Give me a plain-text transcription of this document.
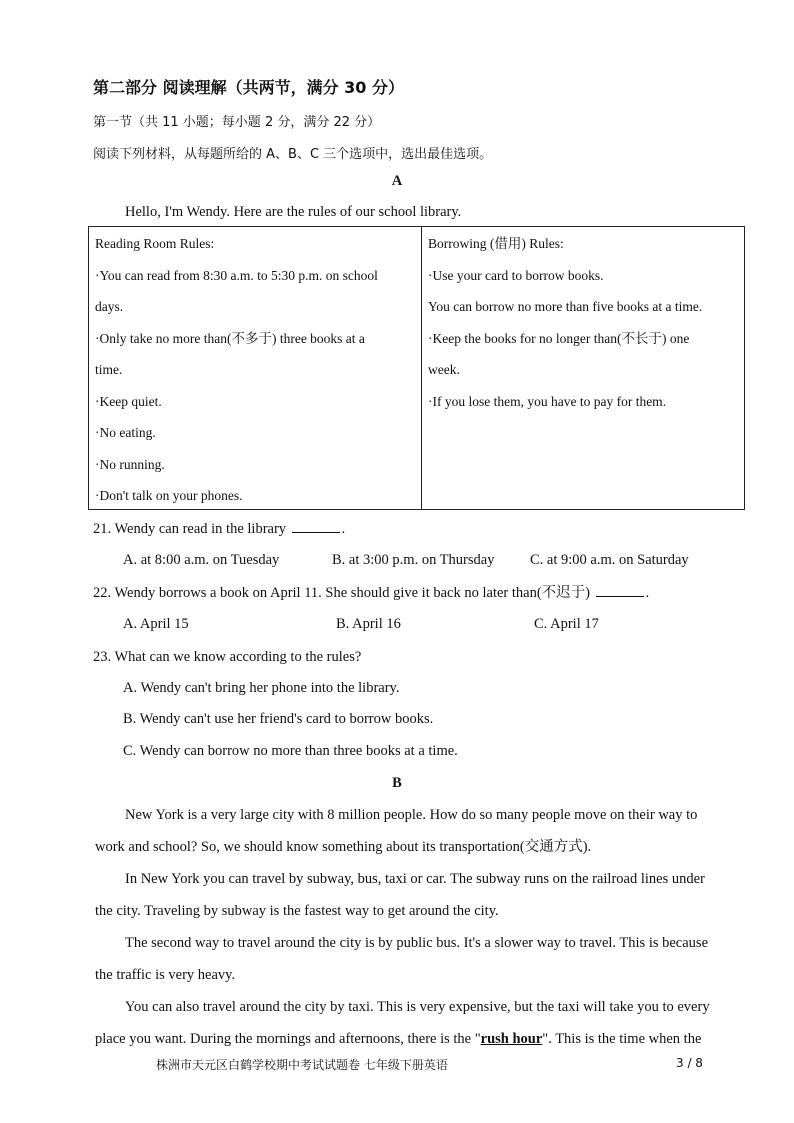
第二部分 阅读理解（共两节，满分 30 分）
第一节（共 11 小题；每小题 2 分，满分 22 分）
阅读下列材料，从每题所给的 A、B、C 三个选项中，选出最佳选项。
A
Hello, I'm Wendy. Here are the rules of our school library.
Reading Room Rules:
·You can read from 8:30 a.m. to 5:30 p.m. on school
days.
·Only take no more than(不多于) three books at a
time.
·Keep quiet.
·No eating.
·No running.
·Don't talk on your phones.
Borrowing (借用) Rules:
·Use your card to borrow books.
You can borrow no more than five books at a time.
·Keep the books for no longer than(不长于) one
week.
·If you lose them, you have to pay for them.
21. Wendy can read in the library	.
A. at 8:00 a.m. on Tuesday	B. at 3:00 p.m. on Thursday C. at 9:00 a.m. on Saturday
22. Wendy borrows a book on April 11. She should give it back no later than(不迟于)	.
A. April 15	B. April 16	C. April 17
23. What can we know according to the rules?
A. Wendy can't bring her phone into the library.
B. Wendy can't use her friend's card to borrow books.
C. Wendy can borrow no more than three books at a time.
B
New York is a very large city with 8 million people. How do so many people move on their way to
work and school? So, we should know something about its transportation(交通方式).
In New York you can travel by subway, bus, taxi or car. The subway runs on the railroad lines under
the city. Traveling by subway is the fastest way to get around the city.
The second way to travel around the city is by public bus. It's a slower way to travel. This is because
the traffic is very heavy.
You can also travel around the city by taxi. This is very expensive, but the taxi will take you to every
place you want. During the mornings and afternoons, there is the "rush hour". This is the time when the
株洲市天元区白鹤学校期中考试试题卷 七年级下册英语	3 / 8
